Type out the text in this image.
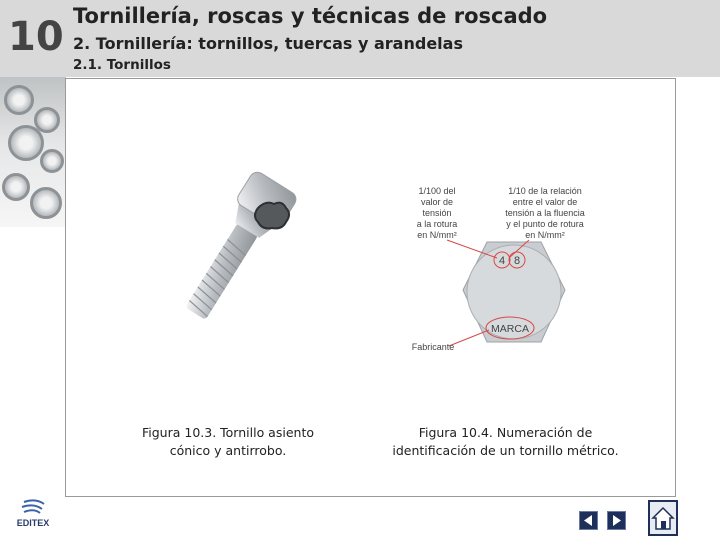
10 Tornillería, roscas y técnicas de roscado
2. Tornillería: tornillos, tuercas y arandelas
2.1. Tornillos
1/100 del
valor de
tensión
a la rotura
en N/mm²
1/10 de la relación
entre el valor de
tensión a la fluencia
y el punto de rotura
en N/mm²
4 8
MARCA
Fabricante
Figura 10.3. Tornillo asiento cónico y antirrobo.
Figura 10.4. Numeración de identificación de un tornillo métrico.
EDITEX
